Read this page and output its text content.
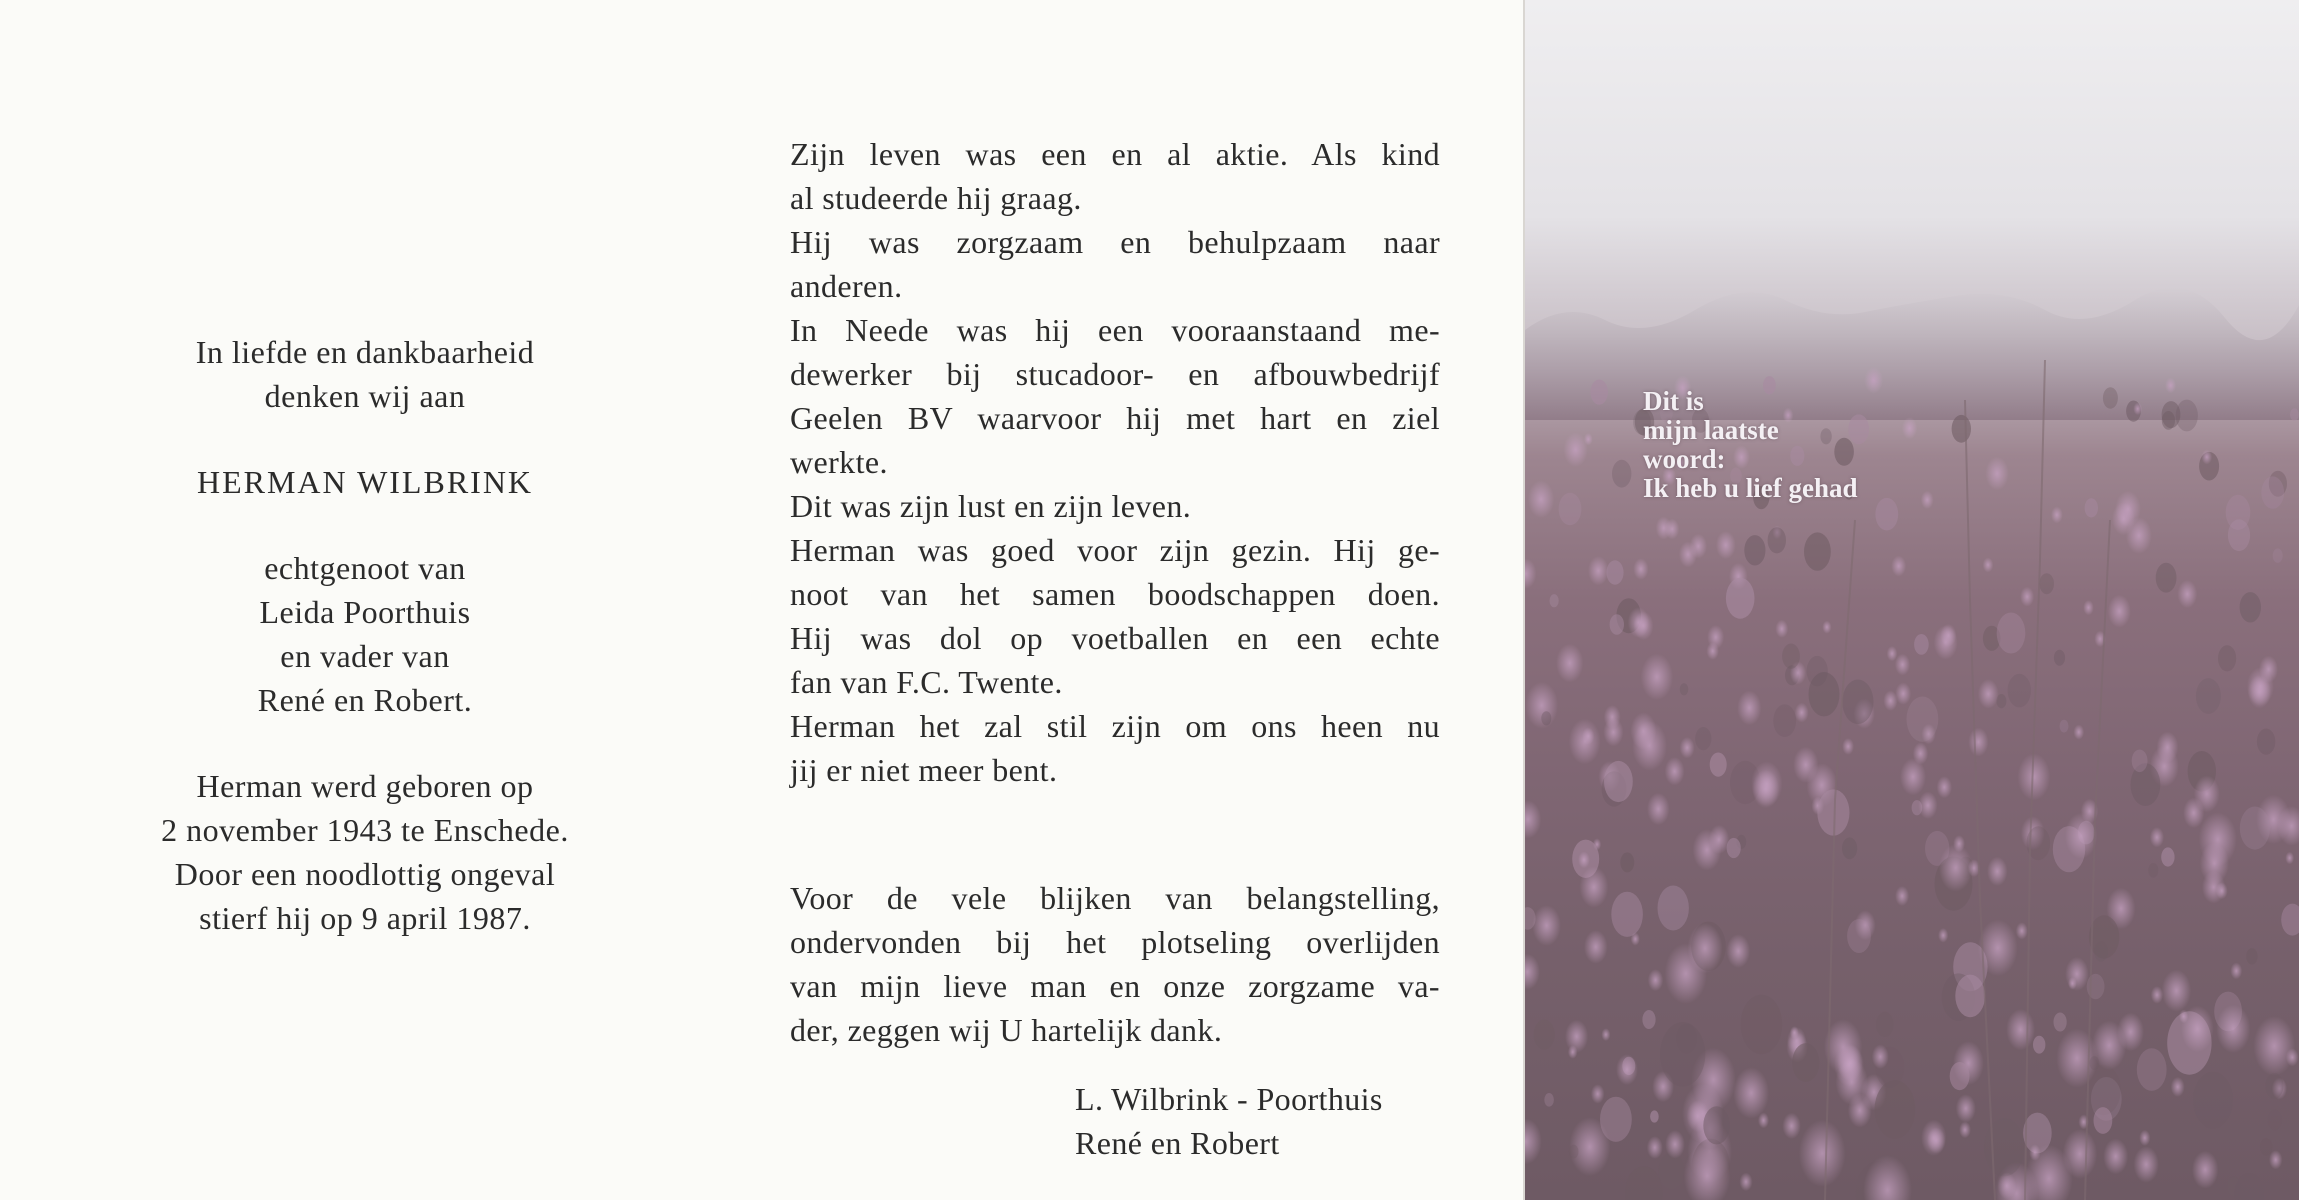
In liefde en dankbaarheid
denken wij aan
HERMAN WILBRINK
echtgenoot van
Leida Poorthuis
en vader van
René en Robert.
Herman werd geboren op
2 november 1943 te Enschede.
Door een noodlottig ongeval
stierf hij op 9 april 1987.
Zijn leven was een en al aktie. Als kind
al studeerde hij graag.
Hij was zorgzaam en behulpzaam naar
anderen.
In Neede was hij een vooraanstaand me-
dewerker bij stucadoor- en afbouwbedrijf
Geelen BV waarvoor hij met hart en ziel
werkte.
Dit was zijn lust en zijn leven.
Herman was goed voor zijn gezin. Hij ge-
noot van het samen boodschappen doen.
Hij was dol op voetballen en een echte
fan van F.C. Twente.
Herman het zal stil zijn om ons heen nu
jij er niet meer bent.
Voor de vele blijken van belangstelling,
ondervonden bij het plotseling overlijden
van mijn lieve man en onze zorgzame va-
der, zeggen wij U hartelijk dank.
L. Wilbrink - Poorthuis
René en Robert
Dit is
mijn laatste
woord:
Ik heb u lief gehad
